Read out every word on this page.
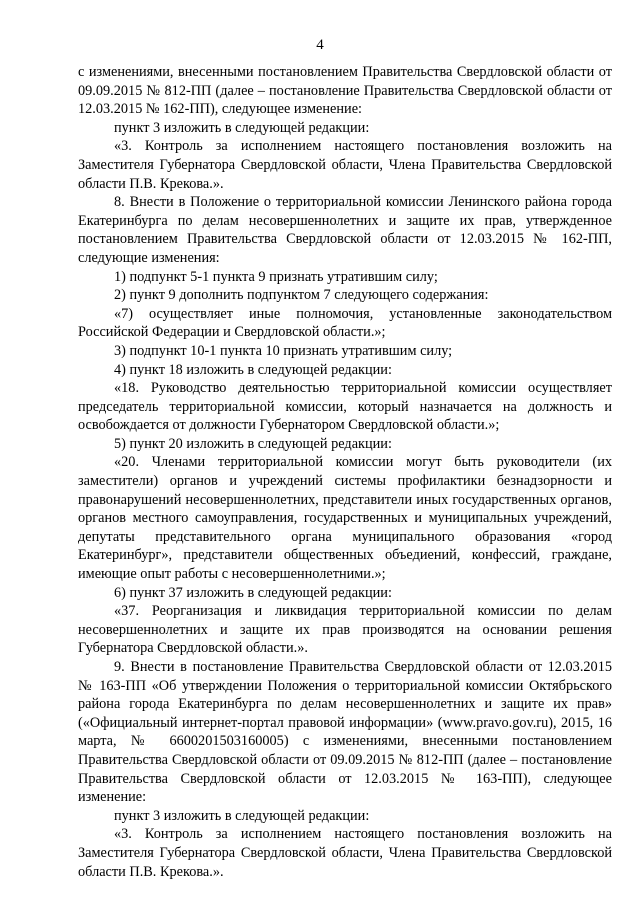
4

с изменениями, внесенными постановлением Правительства Свердловской области от 09.09.2015 № 812-ПП (далее – постановление Правительства Свердловской области от 12.03.2015 № 162-ПП), следующее изменение:

пункт 3 изложить в следующей редакции:

«3. Контроль за исполнением настоящего постановления возложить на Заместителя Губернатора Свердловской области, Члена Правительства Свердловской области П.В. Крекова.».

8. Внести в Положение о территориальной комиссии Ленинского района города Екатеринбурга по делам несовершеннолетних и защите их прав, утвержденное постановлением Правительства Свердловской области от 12.03.2015 № 162-ПП, следующие изменения:

1) подпункт 5-1 пункта 9 признать утратившим силу;

2) пункт 9 дополнить подпунктом 7 следующего содержания:

«7) осуществляет иные полномочия, установленные законодательством Российской Федерации и Свердловской области.»;

3) подпункт 10-1 пункта 10 признать утратившим силу;

4) пункт 18 изложить в следующей редакции:

«18. Руководство деятельностью территориальной комиссии осуществляет председатель территориальной комиссии, который назначается на должность и освобождается от должности Губернатором Свердловской области.»;

5) пункт 20 изложить в следующей редакции:

«20. Членами территориальной комиссии могут быть руководители (их заместители) органов и учреждений системы профилактики безнадзорности и правонарушений несовершеннолетних, представители иных государственных органов, органов местного самоуправления, государственных и муниципальных учреждений, депутаты представительного органа муниципального образования «город Екатеринбург», представители общественных объедиений, конфессий, граждане, имеющие опыт работы с несовершеннолетними.»;

6) пункт 37 изложить в следующей редакции:

«37. Реорганизация и ликвидация территориальной комиссии по делам несовершеннолетних и защите их прав производятся на основании решения Губернатора Свердловской области.».

9. Внести в постановление Правительства Свердловской области от 12.03.2015 № 163-ПП «Об утверждении Положения о территориальной комиссии Октябрьского района города Екатеринбурга по делам несовершеннолетних и защите их прав» («Официальный интернет-портал правовой информации» (www.pravo.gov.ru), 2015, 16 марта, № 6600201503160005) с изменениями, внесенными постановлением Правительства Свердловской области от 09.09.2015 № 812-ПП (далее – постановление Правительства Свердловской области от 12.03.2015 № 163-ПП), следующее изменение:

пункт 3 изложить в следующей редакции:

«3. Контроль за исполнением настоящего постановления возложить на Заместителя Губернатора Свердловской области, Члена Правительства Свердловской области П.В. Крекова.».
